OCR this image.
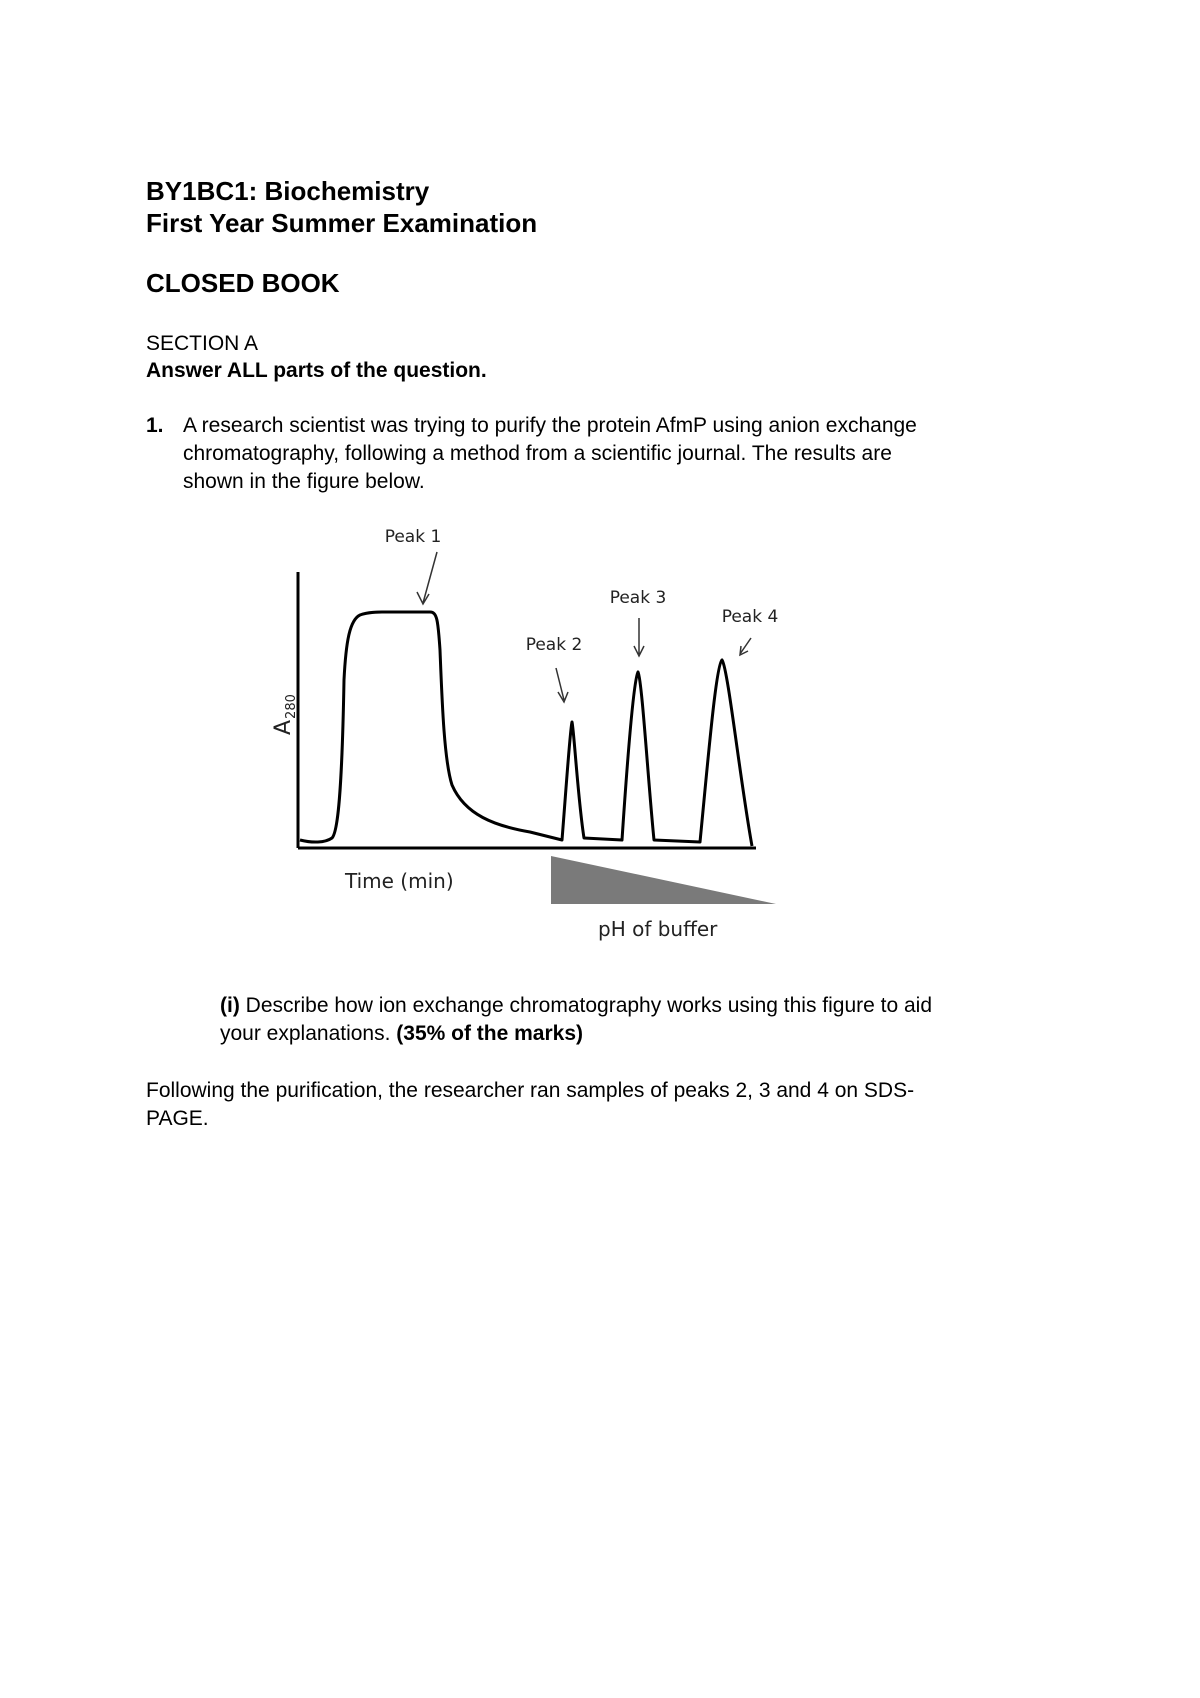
BY1BC1: Biochemistry
First Year Summer Examination
CLOSED BOOK
SECTION A
Answer ALL parts of the question.
1. A research scientist was trying to purify the protein AfmP using anion exchange
chromatography, following a method from a scientific journal. The results are
shown in the figure below.
Peak 1
Peak 2
Peak 3
Peak 4
$A_{280}$
Time (min)
pH of buffer
(i) Describe how ion exchange chromatography works using this figure to aid
your explanations. (35% of the marks)
Following the purification, the researcher ran samples of peaks 2, 3 and 4 on SDS-
PAGE.
